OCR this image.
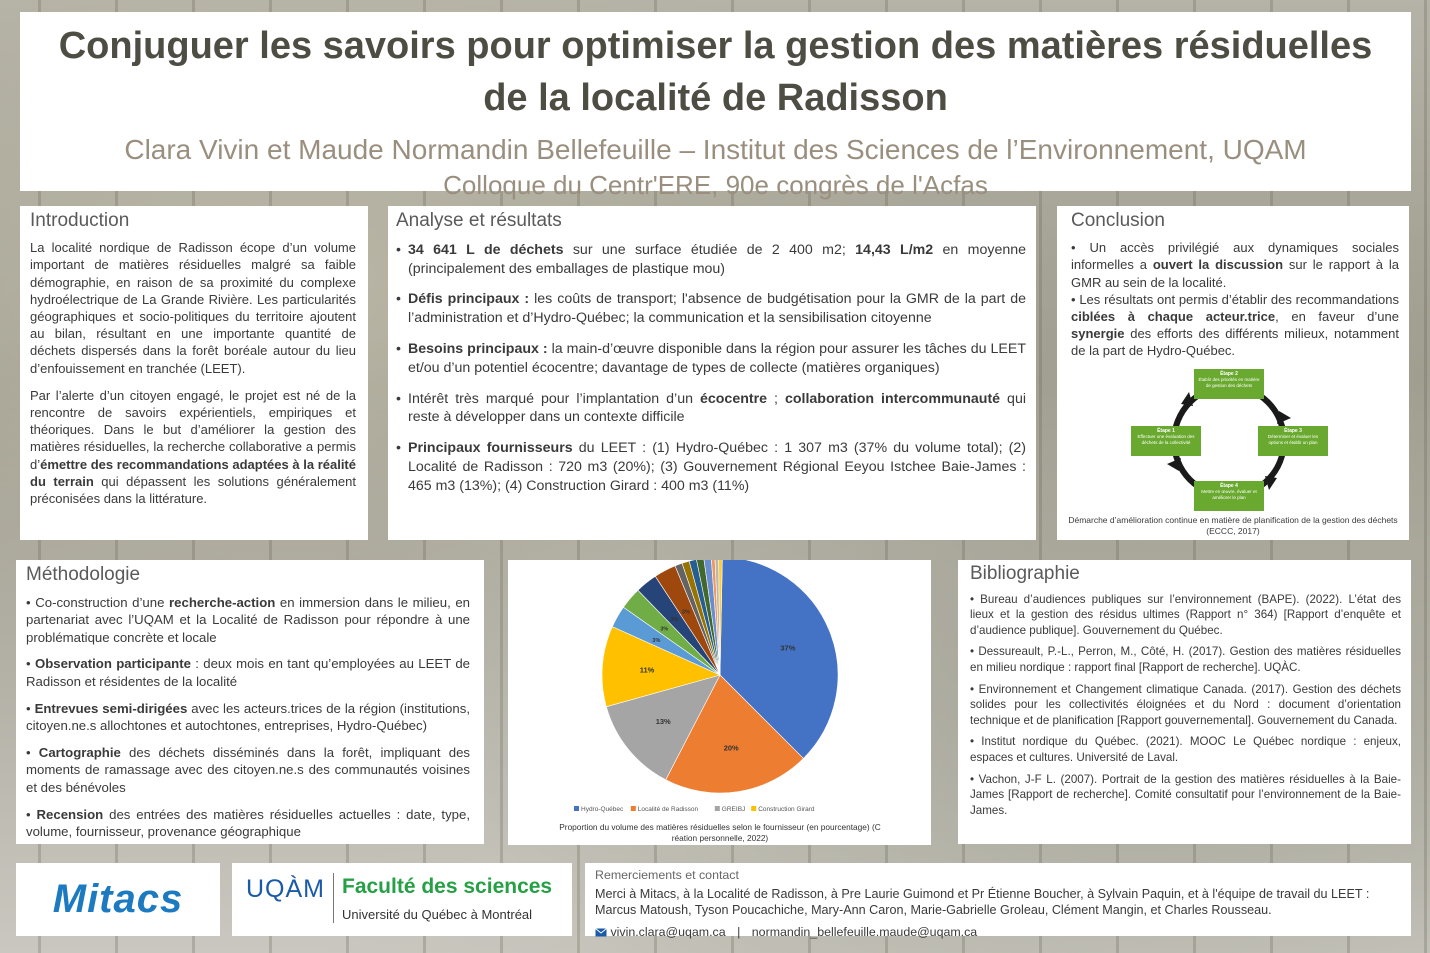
Conjuguer les savoirs pour optimiser la gestion des matières résiduelles
de la localité de Radisson
Clara Vivin et Maude Normandin Bellefeuille – Institut des Sciences de l’Environnement, UQAM
Colloque du Centr'ERE, 90e congrès de l'Acfas
Introduction

La localité nordique de Radisson écope d’un volume important de matières résiduelles malgré sa faible démographie, en raison de sa proximité du complexe hydroélectrique de La Grande Rivière. Les particularités géographiques et socio-politiques du territoire ajoutent au bilan, résultant en une importante quantité de déchets dispersés dans la forêt boréale autour du lieu d’enfouissement en tranchée (LEET).

Par l’alerte d’un citoyen engagé, le projet est né de la rencontre de savoirs expérientiels, empiriques et théoriques. Dans le but d’améliorer la gestion des matières résiduelles, la recherche collaborative a permis d’émettre des recommandations adaptées à la réalité du terrain qui dépassent les solutions généralement préconisées dans la littérature.

Analyse et résultats
• 34 641 L de déchets sur une surface étudiée de 2 400 m2; 14,43 L/m2 en moyenne (principalement des emballages de plastique mou)
• Défis principaux : les coûts de transport; l'absence de budgétisation pour la GMR de la part de l’administration et d’Hydro-Québec; la communication et la sensibilisation citoyenne
• Besoins principaux : la main-d’œuvre disponible dans la région pour assurer les tâches du LEET et/ou d’un potentiel écocentre; davantage de types de collecte (matières organiques)
• Intérêt très marqué pour l’implantation d’un écocentre ; collaboration intercommunauté qui reste à développer dans un contexte difficile
• Principaux fournisseurs du LEET : (1) Hydro-Québec : 1 307 m3 (37% du volume total); (2) Localité de Radisson : 720 m3 (20%); (3) Gouvernement Régional Eeyou Istchee Baie-James : 465 m3 (13%); (4) Construction Girard : 400 m3 (11%)
Conclusion

• Un accès privilégié aux dynamiques sociales informelles a ouvert la discussion sur le rapport à la GMR au sein de la localité.

• Les résultats ont permis d’établir des recommandations ciblées à chaque acteur.trice, en faveur d’une synergie des efforts des différents milieux, notamment de la part de Hydro-Québec.

Étape 2
Établir des priorités en matière de gestion des déchets
Étape 3
Déterminer et évaluer les options et établir un plan
Étape 4
Mettre en œuvre, évaluer et améliorer le plan
Étape 1
Effectuer une évaluation des déchets de la collectivité
Démarche d’amélioration continue en matière de planification de la gestion des déchets (ECCC, 2017)
Méthodologie

• Co-construction d’une recherche-action en immersion dans le milieu, en partenariat avec l’UQAM et la Localité de Radisson pour répondre à une problématique concrète et locale

• Observation participante : deux mois en tant qu’employées au LEET de Radisson et résidentes de la localité

• Entrevues semi-dirigées avec les acteurs.trices de la région (institutions, citoyen.ne.s allochtones et autochtones, entreprises, Hydro-Québec)

• Cartographie des déchets disséminés dans la forêt, impliquant des moments de ramassage avec des citoyen.ne.s des communautés voisines et des bénévoles

• Recension des entrées des matières résiduelles actuelles : date, type, volume, fournisseur, provenance géographique

37%
20%
13%
11%
3%
3%
3%
3%
Hydro-Québec Localité de Radisson	GREIBJ Construction Girard
Proportion du volume des matières résiduelles selon le fournisseur (en pourcentage) (C
réation personnelle, 2022)
Bibliographie

• Bureau d’audiences publiques sur l’environnement (BAPE). (2022). L’état des lieux et la gestion des résidus ultimes (Rapport n° 364) [Rapport d’enquête et d’audience publique]. Gouvernement du Québec.

• Dessureault, P.-L., Perron, M., Côté, H. (2017). Gestion des matières résiduelles en milieu nordique : rapport final [Rapport de recherche]. UQÀC.

• Environnement et Changement climatique Canada. (2017). Gestion des déchets solides pour les collectivités éloignées et du Nord : document d’orientation technique et de planification [Rapport gouvernemental]. Gouvernement du Canada.

• Institut nordique du Québec. (2021). MOOC Le Québec nordique : enjeux, espaces et cultures. Université de Laval.

• Vachon, J-F L. (2007). Portrait de la gestion des matières résiduelles à la Baie-James [Rapport de recherche]. Comité consultatif pour l’environnement de la Baie-James.

Mitacs	UQÀM Faculté des sciences
Université du Québec à Montréal
Remerciements et contact
Merci à Mitacs, à la Localité de Radisson, à Pre Laurie Guimond et Pr Étienne Boucher, à Sylvain Paquin, et à l'équipe de travail du LEET : Marcus Matoush, Tyson Poucachiche, Mary-Ann Caron, Marie-Gabrielle Groleau, Clément Mangin, et Charles Rousseau.
vivin.clara@uqam.ca | normandin_bellefeuille.maude@uqam.ca
